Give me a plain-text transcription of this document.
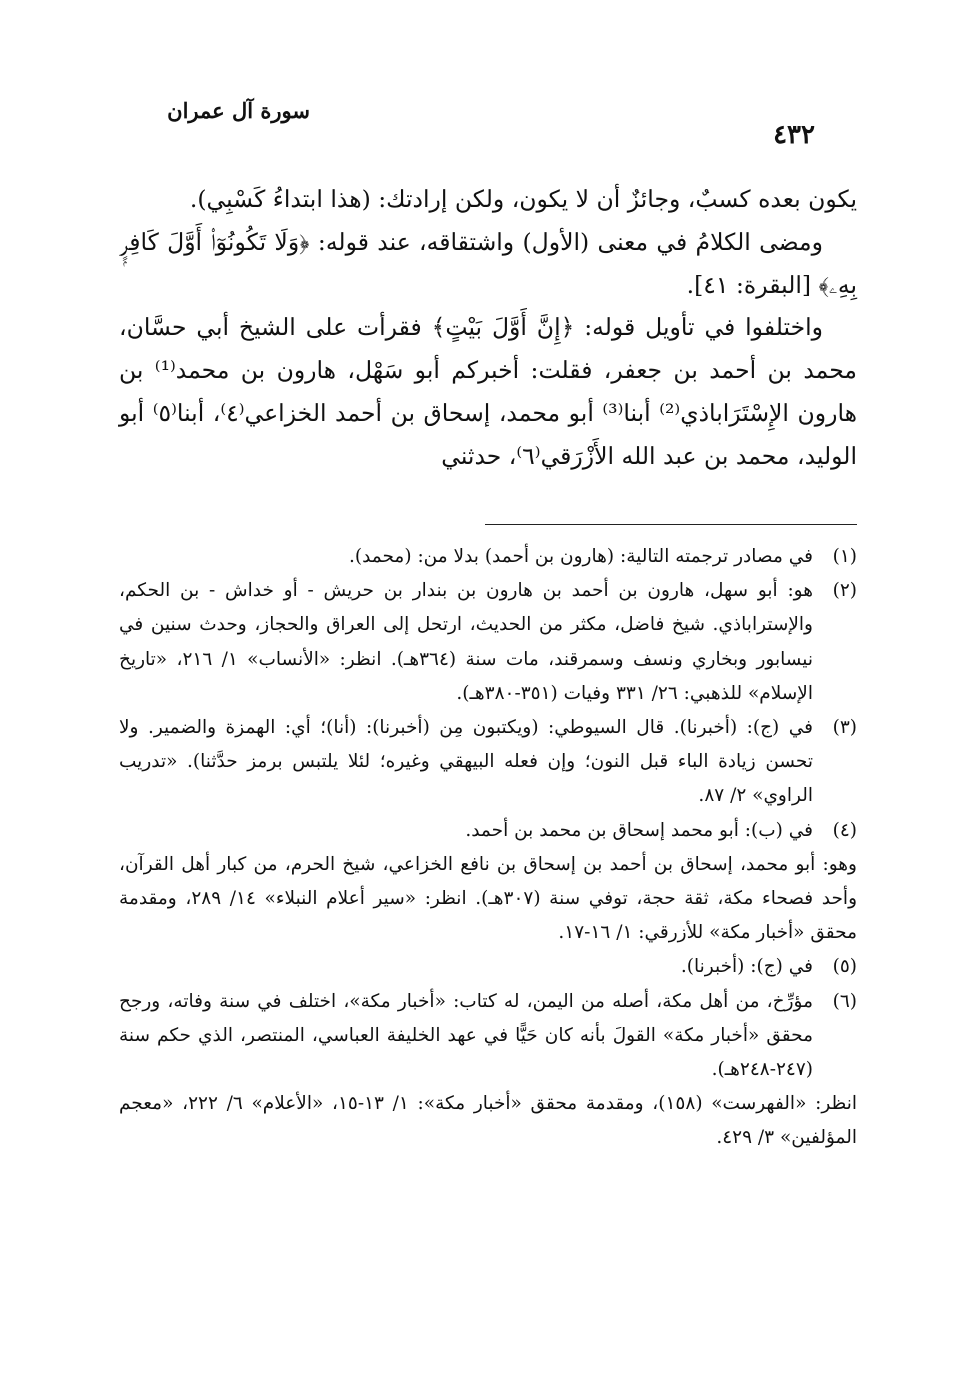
سورة آل عمران
٤٣٢

يكون بعده كسبٌ، وجائزٌ أن لا يكون، ولكن إرادتك: (هذا ابتداءُ كَسْبِي).

ومضى الكلامُ في معنى (الأول) واشتقاقه، عند قوله: ﴿وَلَا تَكُونُوٓا۟ أَوَّلَ كَافِرٍۭ بِهِۦ﴾ [البقرة: ٤١].

واختلفوا في تأويل قوله: ﴿إِنَّ أَوَّلَ بَيْتٍ﴾ فقرأت على الشيخ أبي حسَّان، محمد بن أحمد بن جعفر، فقلت: أخبركم أبو سَهْل، هارون بن محمد⁽¹⁾ بن هارون الإِسْتَرَاباذي⁽²⁾ أبنا⁽³⁾ أبو محمد، إسحاق بن أحمد الخزاعي⁽٤⁾، أبنا⁽٥⁾ أبو الوليد، محمد بن عبد الله الأَزْرَقي⁽٦⁾، حدثني

(١)
في مصادر ترجمته التالية: (هارون بن أحمد) بدلا من: (محمد).
(٢)
هو: أبو سهل، هارون بن أحمد بن هارون بن بندار بن حريش - أو خداش - بن الحكم، والإستراباذي. شيخ فاضل، مكثر من الحديث، ارتحل إلى العراق والحجاز، وحدث سنين في نيسابور وبخاري ونسف وسمرقند، مات سنة (٣٦٤هـ). انظر: «الأنساب» ١/ ٢١٦، «تاريخ الإسلام» للذهبي: ٢٦/ ٣٣١ وفيات (٣٥١-٣٨٠هـ).
(٣)
في (ج): (أخبرنا). قال السيوطي: (ويكتبون مِن (أخبرنا): (أنا)؛ أي: الهمزة والضمير. ولا تحسن زيادة الباء قبل النون؛ وإن فعله البيهقي وغيره؛ لئلا يلتبس برمز حدَّثنا). «تدريب الراوي» ٢/ ٨٧.
(٤)
في (ب): أبو محمد إسحاق بن محمد بن أحمد.

وهو: أبو محمد، إسحاق بن أحمد بن إسحاق بن نافع الخزاعي، شيخ الحرم، من كبار أهل القرآن، وأحد فصحاء مكة، ثقة حجة، توفي سنة (٣٠٧هـ). انظر: «سير أعلام النبلاء» ١٤/ ٢٨٩، ومقدمة محقق «أخبار مكة» للأزرقي: ١/ ١٦-١٧.

(٥)
في (ج): (أخبرنا).
(٦)
مؤرِّخ، من أهل مكة، أصله من اليمن، له كتاب: «أخبار مكة»، اختلف في سنة وفاته، ورجح محقق «أخبار مكة» القولَ بأنه كان حَيًّا في عهد الخليفة العباسي، المنتصر، الذي حكم سنة (٢٤٧-٢٤٨هـ).

انظر: «الفهرست» (١٥٨)، ومقدمة محقق «أخبار مكة»: ١/ ١٣-١٥، «الأعلام» ٦/ ٢٢٢، «معجم المؤلفين» ٣/ ٤٢٩.
